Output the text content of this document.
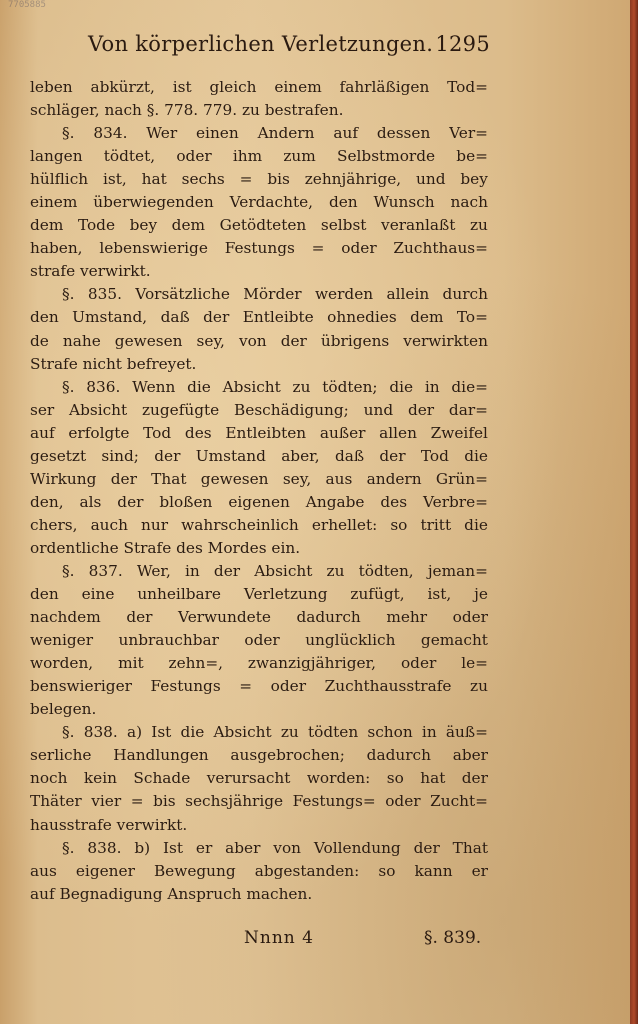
7705885
Von körperlichen Verletzungen. 1295
leben abkürzt, ist gleich einem fahrläßigen Tod=
schläger, nach §. 778. 779. zu bestrafen.
§. 834. Wer einen Andern auf dessen Ver=
langen tödtet, oder ihm zum Selbstmorde be=
hülflich ist, hat sechs = bis zehnjährige, und bey
einem überwiegenden Verdachte, den Wunsch nach
dem Tode bey dem Getödteten selbst veranlaßt zu
haben, lebenswierige Festungs = oder Zuchthaus=
strafe verwirkt.
§. 835. Vorsätzliche Mörder werden allein durch
den Umstand, daß der Entleibte ohnedies dem To=
de nahe gewesen sey, von der übrigens verwirkten
Strafe nicht befreyet.
§. 836. Wenn die Absicht zu tödten; die in die=
ser Absicht zugefügte Beschädigung; und der dar=
auf erfolgte Tod des Entleibten außer allen Zweifel
gesetzt sind; der Umstand aber, daß der Tod die
Wirkung der That gewesen sey, aus andern Grün=
den, als der bloßen eigenen Angabe des Verbre=
chers, auch nur wahrscheinlich erhellet: so tritt die
ordentliche Strafe des Mordes ein.
§. 837. Wer, in der Absicht zu tödten, jeman=
den eine unheilbare Verletzung zufügt, ist, je
nachdem der Verwundete dadurch mehr oder
weniger unbrauchbar oder unglücklich gemacht
worden, mit zehn=, zwanzigjähriger, oder le=
benswieriger Festungs = oder Zuchthausstrafe zu
belegen.
§. 838. a) Ist die Absicht zu tödten schon in äuß=
serliche Handlungen ausgebrochen; dadurch aber
noch kein Schade verursacht worden: so hat der
Thäter vier = bis sechsjährige Festungs= oder Zucht=
hausstrafe verwirkt.
§. 838. b) Ist er aber von Vollendung der That
aus eigener Bewegung abgestanden: so kann er
auf Begnadigung Anspruch machen.
Nnnn 4	§. 839.
